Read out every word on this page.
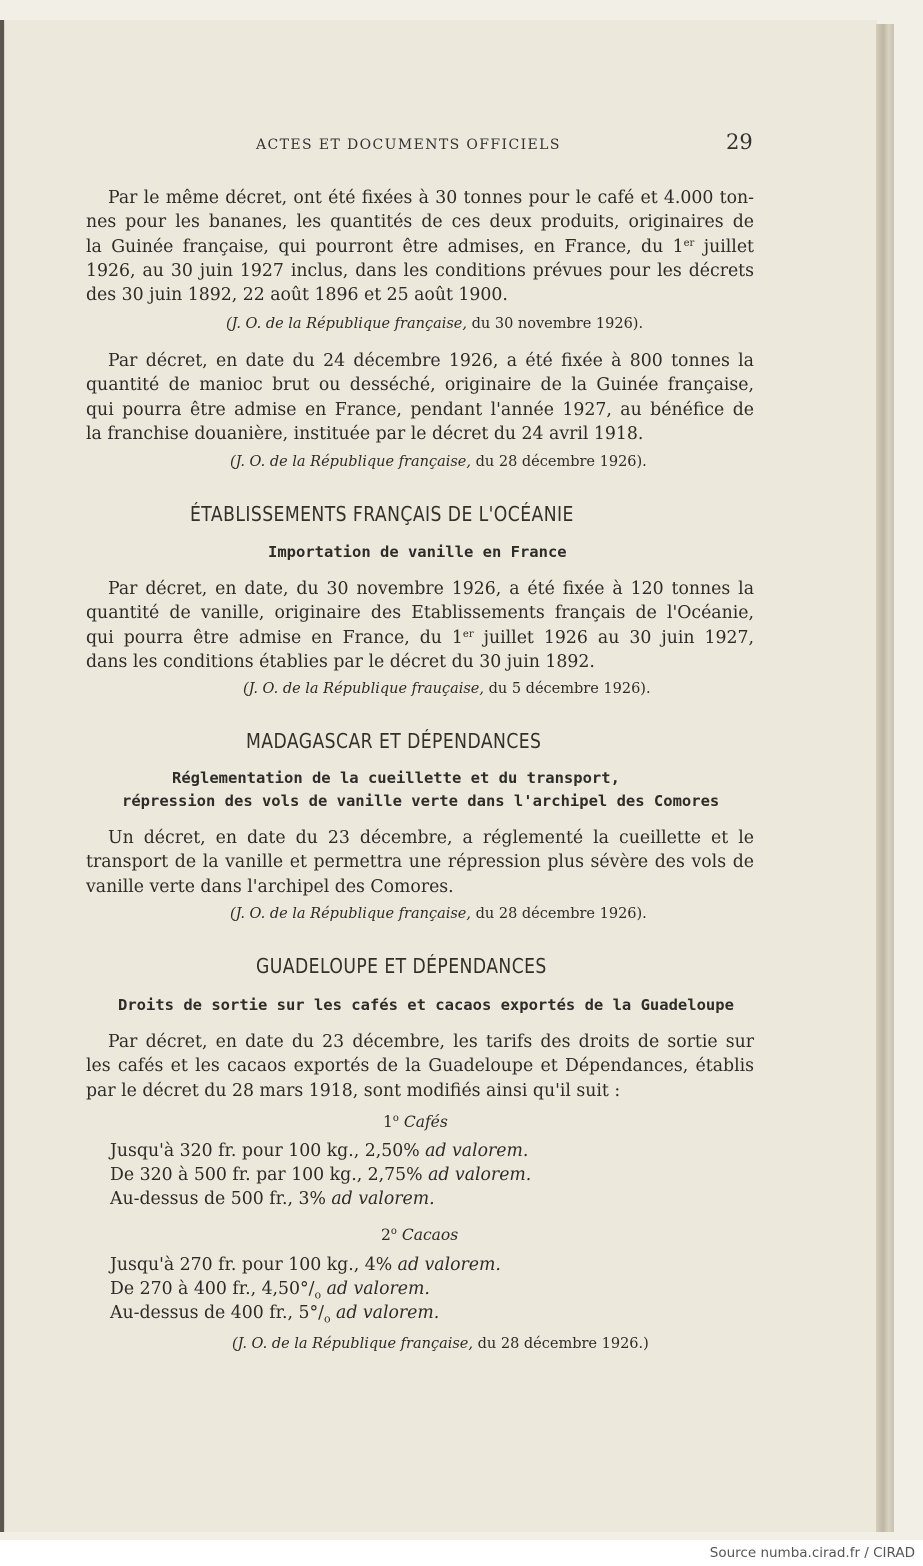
ACTES ET DOCUMENTS OFFICIELS	29

Par le même décret, ont été fixées à 30 tonnes pour le café et 4.000 ton-
nes pour les bananes, les quantités de ces deux produits, originaires de
la Guinée française, qui pourront être admises, en France, du 1er juillet
1926, au 30 juin 1927 inclus, dans les conditions prévues pour les décrets
des 30 juin 1892, 22 août 1896 et 25 août 1900.

(J. O. de la République française, du 30 novembre 1926).

Par décret, en date du 24 décembre 1926, a été fixée à 800 tonnes la
quantité de manioc brut ou desséché, originaire de la Guinée française,
qui pourra être admise en France, pendant l'année 1927, au bénéfice de
la franchise douanière, instituée par le décret du 24 avril 1918.

(J. O. de la République française, du 28 décembre 1926).
ÉTABLISSEMENTS FRANÇAIS DE L'OCÉANIE
Importation de vanille en France

Par décret, en date, du 30 novembre 1926, a été fixée à 120 tonnes la
quantité de vanille, originaire des Etablissements français de l'Océanie,
qui pourra être admise en France, du 1er juillet 1926 au 30 juin 1927,
dans les conditions établies par le décret du 30 juin 1892.

(J. O. de la République frauçaise, du 5 décembre 1926).
MADAGASCAR ET DÉPENDANCES
Réglementation de la cueillette et du transport,
répression des vols de vanille verte dans l'archipel des Comores

Un décret, en date du 23 décembre, a réglementé la cueillette et le
transport de la vanille et permettra une répression plus sévère des vols de
vanille verte dans l'archipel des Comores.

(J. O. de la République française, du 28 décembre 1926).
GUADELOUPE ET DÉPENDANCES
Droits de sortie sur les cafés et cacaos exportés de la Guadeloupe

Par décret, en date du 23 décembre, les tarifs des droits de sortie sur
les cafés et les cacaos exportés de la Guadeloupe et Dépendances, établis
par le décret du 28 mars 1918, sont modifiés ainsi qu'il suit :

1$^o$ Cafés
Jusqu'à 320 fr. pour 100 kg., 2,50% ad valorem.
De 320 à 500 fr. par 100 kg., 2,75% ad valorem.
Au-dessus de 500 fr., 3% ad valorem.
2$^o$ Cacaos
Jusqu'à 270 fr. pour 100 kg., 4% ad valorem.
De 270 à 400 fr., $4,50^\circ/_o$ ad valorem.
Au-dessus de 400 fr., $5^\circ/_o$ ad valorem.
(J. O. de la République française, du 28 décembre 1926.)
Source numba.cirad.fr / CIRAD
